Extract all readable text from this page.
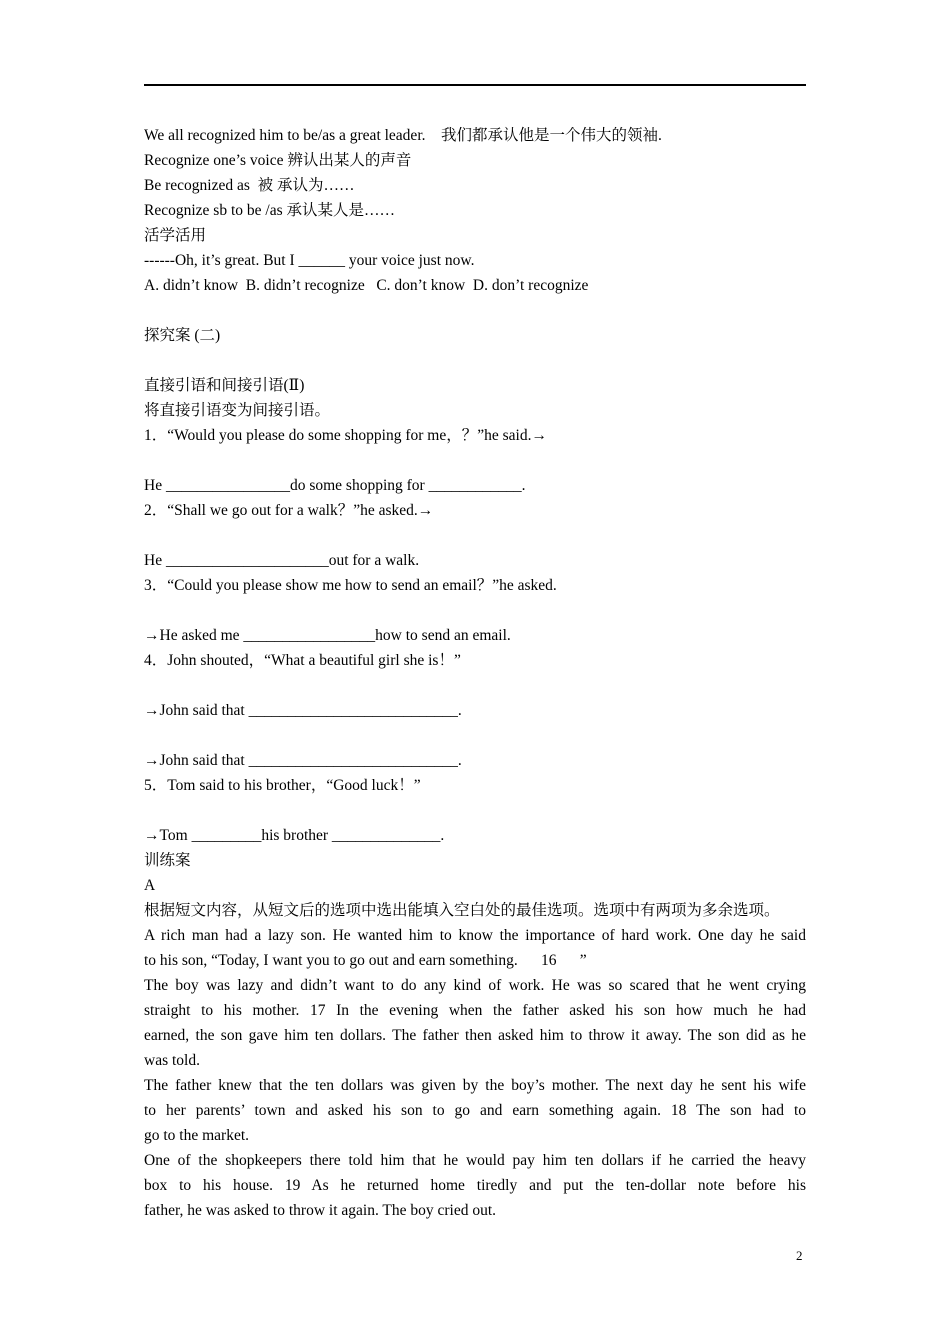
We all recognized him to be/as a great leader.    我们都承认他是一个伟大的领袖.
Recognize one’s voice 辨认出某人的声音
Be recognized as  被 承认为……
Recognize sb to be /as 承认某人是……
活学活用
------Oh, it’s great. But I ______ your voice just now.
A. didn’t know  B. didn’t recognize   C. don’t know  D. don’t recognize
探究案 (二)
直接引语和间接引语(Ⅱ)
将直接引语变为间接引语。
1．“Would you please do some shopping for me，？”he said.→
He ________________do some shopping for ____________.
2．“Shall we go out for a walk？”he asked.→
He _____________________out for a walk.
3．“Could you please show me how to send an email？”he asked.
→He asked me _________________how to send an email.
4．John shouted，“What a beautiful girl she is！”
→John said that ___________________________.
→John said that ___________________________.
5．Tom said to his brother，“Good luck！”
→Tom _________his brother ______________.
训练案
A
根据短文内容，从短文后的选项中选出能填入空白处的最佳选项。选项中有两项为多余选项。
A rich man had a lazy son. He wanted him to know the importance of hard work. One day he said
to his son, “Today, I want you to go out and earn something.      16      ”
The boy was lazy and didn’t want to do any kind of work. He was so scared that he went crying
straight to his mother. 17 In the evening when the father asked his son how much he had
earned, the son gave him ten dollars. The father then asked him to throw it away. The son did as he
was told.
The father knew that the ten dollars was given by the boy’s mother. The next day he sent his wife
to her parents’ town and asked his son to go and earn something again. 18 The son had to
go to the market.
One of the shopkeepers there told him that he would pay him ten dollars if he carried the heavy
box to his house. 19 As he returned home tiredly and put the ten-dollar note before his
father, he was asked to throw it again. The boy cried out.
2
